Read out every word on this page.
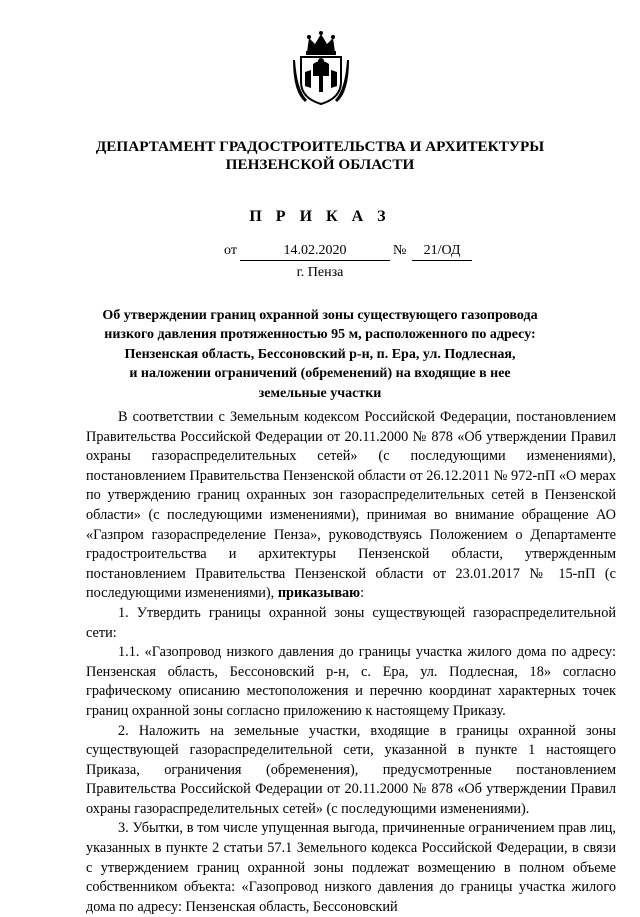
ДЕПАРТАМЕНТ ГРАДОСТРОИТЕЛЬСТВА И АРХИТЕКТУРЫ
ПЕНЗЕНСКОЙ ОБЛАСТИ
П Р И К А З
от	14.02.2020	№	21/ОД
г. Пенза
Об утверждении границ охранной зоны существующего газопровода
низкого давления протяженностью 95 м, расположенного по адресу:
Пензенская область, Бессоновский р-н, п. Ера, ул. Подлесная,
и наложении ограничений (обременений) на входящие в нее
земельные участки

В соответствии с Земельным кодексом Российской Федерации, постановлением Правительства Российской Федерации от 20.11.2000 № 878 «Об утверждении Правил охраны газораспределительных сетей» (с последующими изменениями), постановлением Правительства Пензенской области от 26.12.2011 № 972-пП «О мерах по утверждению границ охранных зон газораспределительных сетей в Пензенской области» (с последующими изменениями), принимая во внимание обращение АО «Газпром газораспределение Пенза», руководствуясь Положением о Департаменте градостроительства и архитектуры Пензенской области, утвержденным постановлением Правительства Пензенской области от 23.01.2017 № 15-пП (с последующими изменениями), приказываю:

1. Утвердить границы охранной зоны существующей газораспределительной сети:

1.1. «Газопровод низкого давления до границы участка жилого дома по адресу: Пензенская область, Бессоновский р-н, с. Ера, ул. Подлесная, 18» согласно графическому описанию местоположения и перечню координат характерных точек границ охранной зоны согласно приложению к настоящему Приказу.

2. Наложить на земельные участки, входящие в границы охранной зоны существующей газораспределительной сети, указанной в пункте 1 настоящего Приказа, ограничения (обременения), предусмотренные постановлением Правительства Российской Федерации от 20.11.2000 № 878 «Об утверждении Правил охраны газораспределительных сетей» (с последующими изменениями).

3. Убытки, в том числе упущенная выгода, причиненные ограничением прав лиц, указанных в пункте 2 статьи 57.1 Земельного кодекса Российской Федерации, в связи с утверждением границ охранной зоны подлежат возмещению в полном объеме собственником объекта: «Газопровод низкого давления до границы участка жилого дома по адресу: Пензенская область, Бессоновский
